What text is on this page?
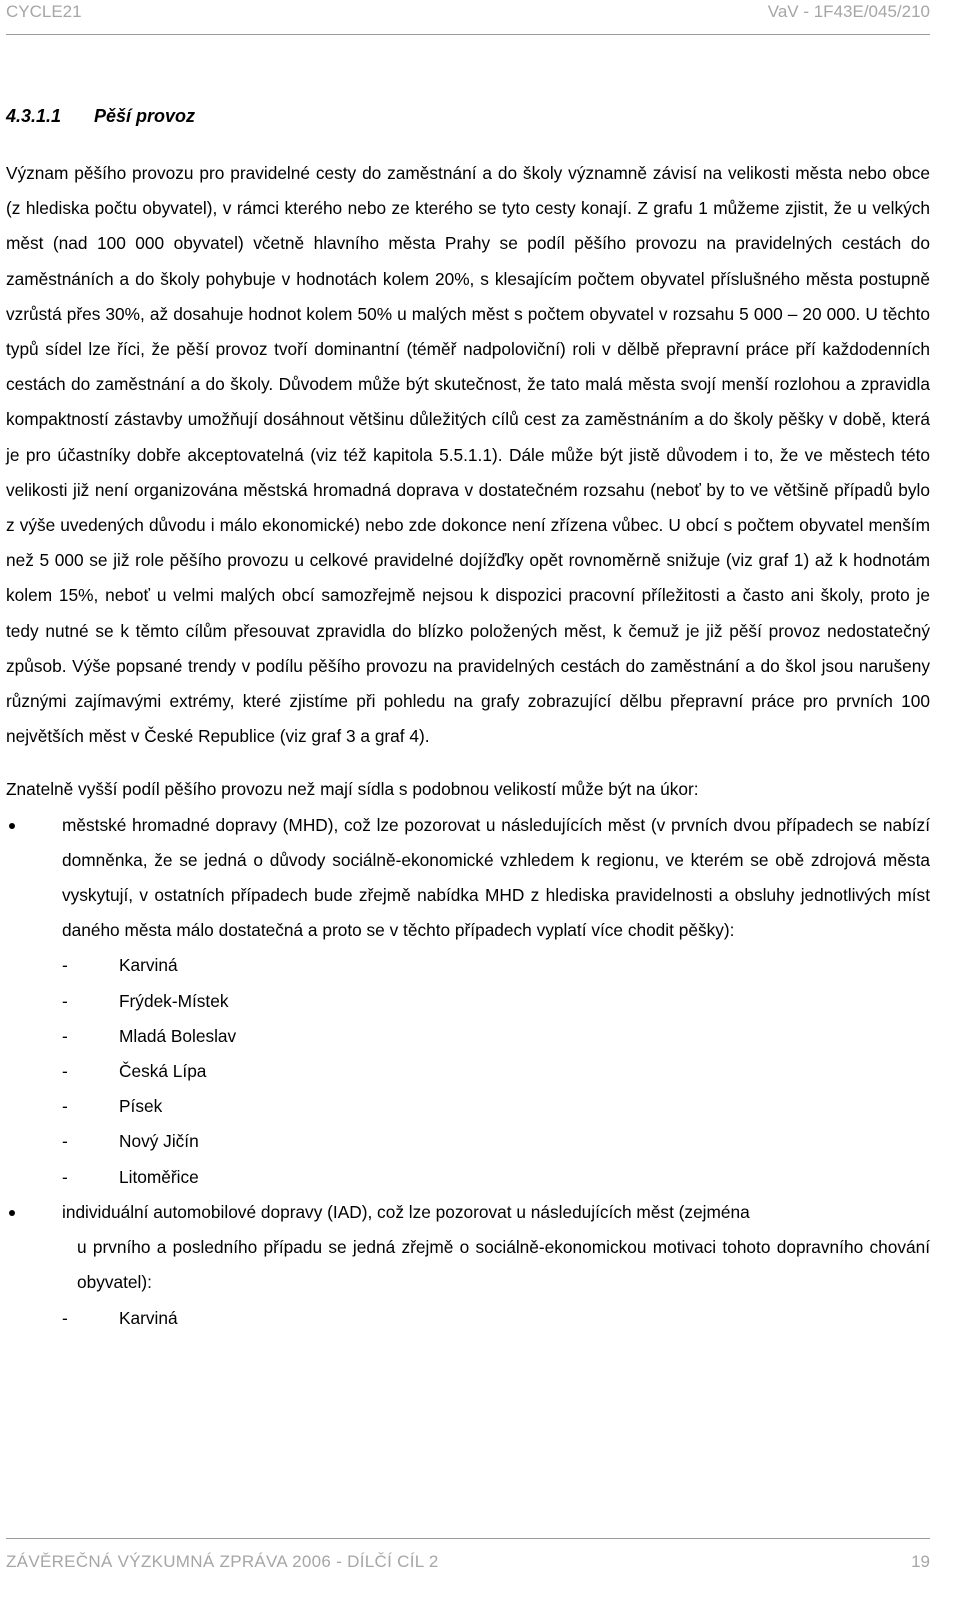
CYCLE21	VaV - 1F43E/045/210
4.3.1.1 Pěší provoz

Význam pěšího provozu pro pravidelné cesty do zaměstnání a do školy významně závisí na velikosti města nebo obce (z hlediska počtu obyvatel), v rámci kterého nebo ze kterého se tyto cesty konají. Z grafu 1 můžeme zjistit, že u velkých měst (nad 100 000 obyvatel) včetně hlavního města Prahy se podíl pěšího provozu na pravidelných cestách do zaměstnáních a do školy pohybuje v hodnotách kolem 20%, s klesajícím počtem obyvatel příslušného města postupně vzrůstá přes 30%, až dosahuje hodnot kolem 50% u malých měst s počtem obyvatel v rozsahu 5 000 – 20 000. U těchto typů sídel lze říci, že pěší provoz tvoří dominantní (téměř nadpoloviční) roli v dělbě přepravní práce pří každodenních cestách do zaměstnání a do školy. Důvodem může být skutečnost, že tato malá města svojí menší rozlohou a zpravidla kompaktností zástavby umožňují dosáhnout většinu důležitých cílů cest za zaměstnáním a do školy pěšky v době, která je pro účastníky dobře akceptovatelná (viz též kapitola 5.5.1.1). Dále může být jistě důvodem i to, že ve městech této velikosti již není organizována městská hromadná doprava v dostatečném rozsahu (neboť by to ve většině případů bylo z výše uvedených důvodu i málo ekonomické) nebo zde dokonce není zřízena vůbec. U obcí s počtem obyvatel menším než 5 000 se již role pěšího provozu u celkové pravidelné dojížďky opět rovnoměrně snižuje (viz graf 1) až k hodnotám kolem 15%, neboť u velmi malých obcí samozřejmě nejsou k dispozici pracovní příležitosti a často ani školy, proto je tedy nutné se k těmto cílům přesouvat zpravidla do blízko položených měst, k čemuž je již pěší provoz nedostatečný způsob. Výše popsané trendy v podílu pěšího provozu na pravidelných cestách do zaměstnání a do škol jsou narušeny různými zajímavými extrémy, které zjistíme při pohledu na grafy zobrazující dělbu přepravní práce pro prvních 100 největších měst v České Republice (viz graf 3 a graf 4).

Znatelně vyšší podíl pěšího provozu než mají sídla s podobnou velikostí může být na úkor:

městské hromadné dopravy (MHD), což lze pozorovat u následujících měst (v prvních dvou případech se nabízí domněnka, že se jedná o důvody sociálně-ekonomické vzhledem k regionu, ve kterém se obě zdrojová města vyskytují, v ostatních případech bude zřejmě nabídka MHD z hlediska pravidelnosti a obsluhy jednotlivých míst daného města málo dostatečná a proto se v těchto případech vyplatí více chodit pěšky):
-	Karviná
-	Frýdek-Místek
-	Mladá Boleslav
-	Česká Lípa
-	Písek
-	Nový Jičín
-	Litoměřice
individuální automobilové dopravy (IAD), což lze pozorovat u následujících měst (zejména
u prvního a posledního případu se jedná zřejmě o sociálně-ekonomickou motivaci tohoto dopravního chování obyvatel):
-	Karviná
ZÁVĚREČNÁ VÝZKUMNÁ ZPRÁVA 2006 - DÍLČÍ CÍL 2	19
